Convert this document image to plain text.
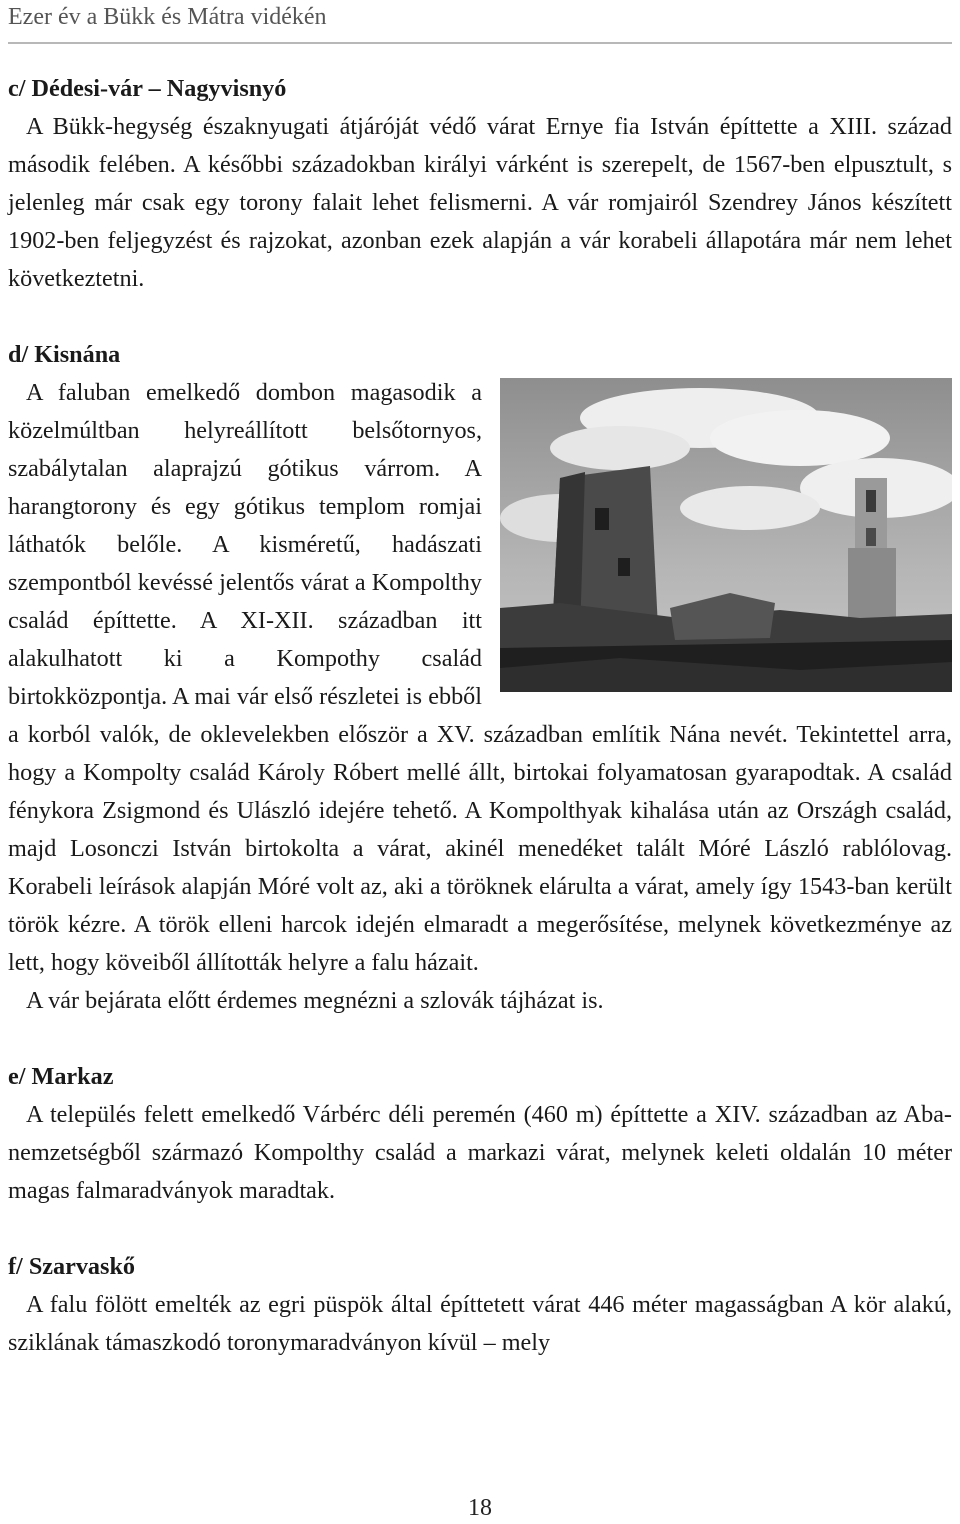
Ezer év a Bükk és Mátra vidékén

c/ Dédesi-vár – Nagyvisnyó

A Bükk-hegység északnyugati átjáróját védő várat Ernye fia István építtette a XIII. század második felében. A későbbi századokban királyi várként is szerepelt, de 1567-ben elpusztult, s jelenleg már csak egy torony falait lehet felismerni. A vár romjairól Szendrey János készített 1902-ben feljegyzést és rajzokat, azonban ezek alapján a vár korabeli állapotára már nem lehet következtetni.

d/ Kisnána

A faluban emelkedő dombon magasodik a közelmúltban helyreállított belsőtornyos, szabálytalan alaprajzú gótikus várrom. A harangtorony és egy gótikus templom romjai láthatók belőle. A kisméretű, hadászati szempontból kevéssé jelentős várat a Kompolthy család építtette. A XI-XII. században itt alakulhatott ki a Kompothy család birtokközpontja. A mai vár első részletei is ebből a korból valók, de oklevelekben először a XV. században említik Nána nevét. Tekintettel arra, hogy a Kompolty család Károly Róbert mellé állt, birtokai folyamatosan gyarapodtak. A család fénykora Zsigmond és Ulászló idejére tehető. A Kompolthyak kihalása után az Országh család, majd Losonczi István birtokolta a várat, akinél menedéket talált Móré László rablólovag. Korabeli leírások alapján Móré volt az, aki a töröknek elárulta a várat, amely így 1543-ban került török kézre. A török elleni harcok idején elmaradt a megerősítése, melynek következménye az lett, hogy köveiből állították helyre a falu házait.

A vár bejárata előtt érdemes megnézni a szlovák tájházat is.

e/ Markaz

A település felett emelkedő Várbérc déli peremén (460 m) építtette a XIV. században az Aba-nemzetségből származó Kompolthy család a markazi várat, melynek keleti oldalán 10 méter magas falmaradványok maradtak.

f/ Szarvaskő

A falu fölött emelték az egri püspök által építtetett várat 446 méter magasságban A kör alakú, sziklának támaszkodó toronymaradványon kívül – mely

18
